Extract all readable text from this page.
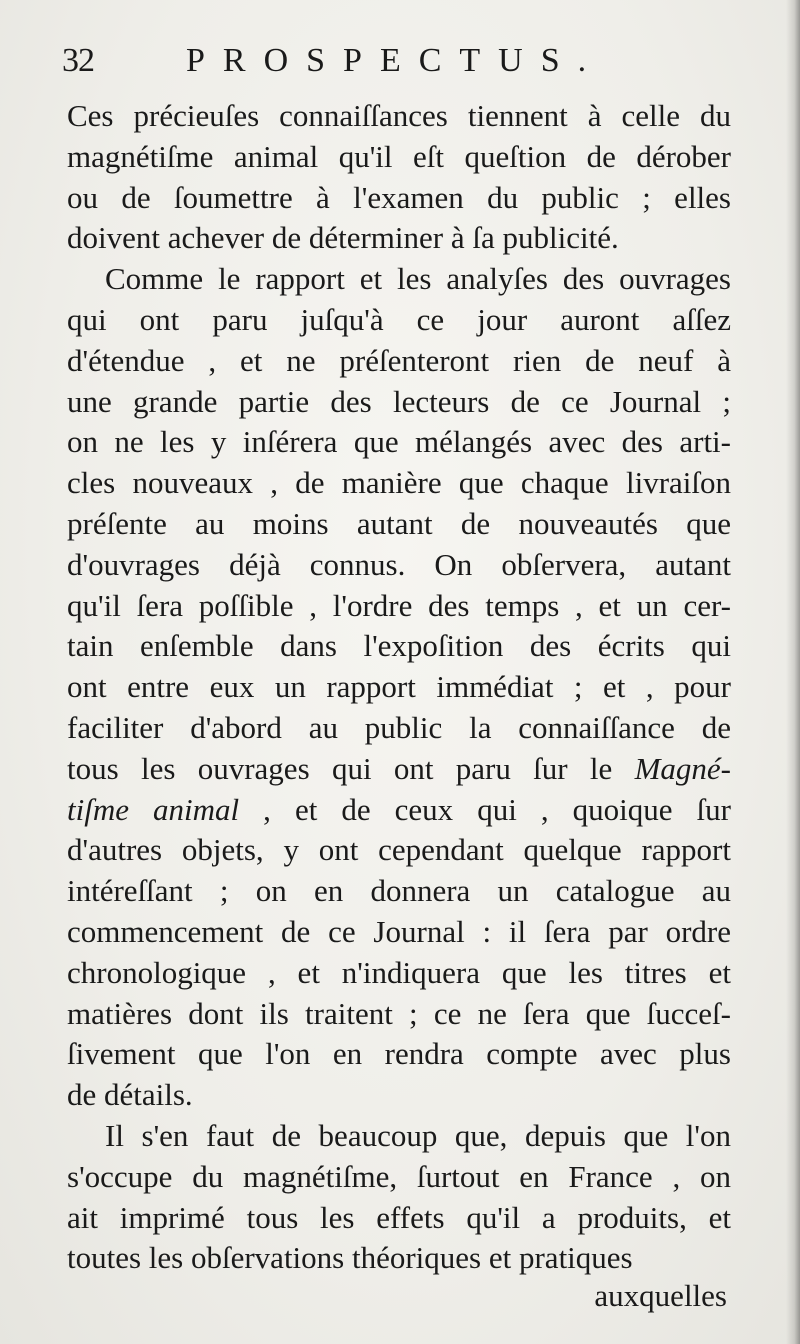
32	PROSPECTUS.
Ces précieuſes connaiſſances tiennent à celle du
magnétiſme animal qu'il eſt queſtion de dérober
ou de ſoumettre à l'examen du public ; elles
doivent achever de déterminer à ſa publicité.
Comme le rapport et les analyſes des ouvrages
qui ont paru juſqu'à ce jour auront aſſez
d'étendue , et ne préſenteront rien de neuf à
une grande partie des lecteurs de ce Journal ;
on ne les y inſérera que mélangés avec des arti-
cles nouveaux , de manière que chaque livraiſon
préſente au moins autant de nouveautés que
d'ouvrages déjà connus. On obſervera, autant
qu'il ſera poſſible , l'ordre des temps , et un cer-
tain enſemble dans l'expoſition des écrits qui
ont entre eux un rapport immédiat ; et , pour
faciliter d'abord au public la connaiſſance de
tous les ouvrages qui ont paru ſur le Magné-
tiſme animal , et de ceux qui , quoique ſur
d'autres objets, y ont cependant quelque rapport
intéreſſant ; on en donnera un catalogue au
commencement de ce Journal : il ſera par ordre
chronologique , et n'indiquera que les titres et
matières dont ils traitent ; ce ne ſera que ſucceſ-
ſivement que l'on en rendra compte avec plus
de détails.
Il s'en faut de beaucoup que, depuis que l'on
s'occupe du magnétiſme, ſurtout en France , on
ait imprimé tous les effets qu'il a produits, et
toutes les obſervations théoriques et pratiques
auxquelles
